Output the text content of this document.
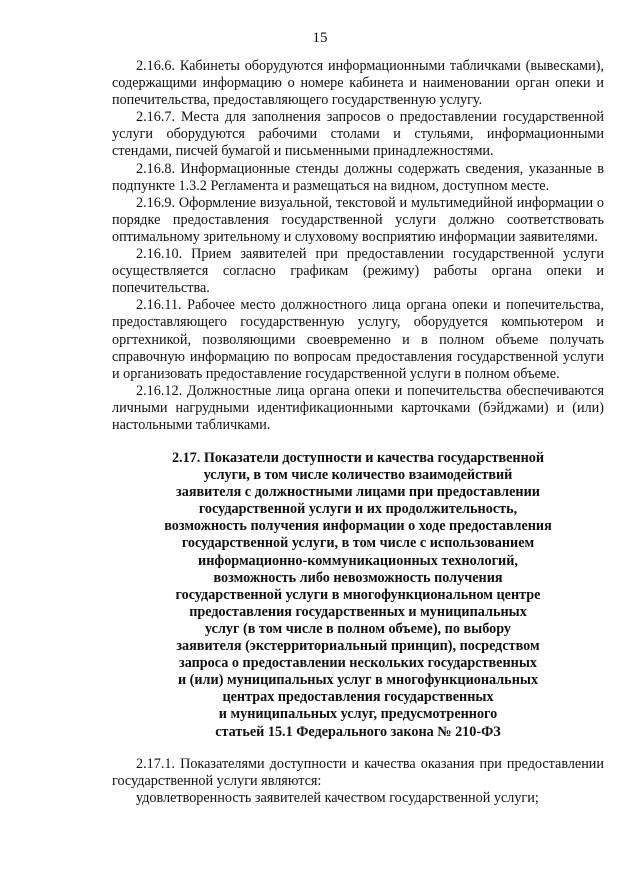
15

2.16.6. Кабинеты оборудуются информационными табличками (вывесками), содержащими информацию о номере кабинета и наименовании орган опеки и попечительства, предоставляющего государственную услугу.

2.16.7. Места для заполнения запросов о предоставлении государственной услуги оборудуются рабочими столами и стульями, информационными стендами, писчей бумагой и письменными принадлежностями.

2.16.8. Информационные стенды должны содержать сведения, указанные в подпункте 1.3.2 Регламента и размещаться на видном, доступном месте.

2.16.9. Оформление визуальной, текстовой и мультимедийной информации о порядке предоставления государственной услуги должно соответствовать оптимальному зрительному и слуховому восприятию информации заявителями.

2.16.10. Прием заявителей при предоставлении государственной услуги осуществляется согласно графикам (режиму) работы органа опеки и попечительства.

2.16.11. Рабочее место должностного лица органа опеки и попечительства, предоставляющего государственную услугу, оборудуется компьютером и оргтехникой, позволяющими своевременно и в полном объеме получать справочную информацию по вопросам предоставления государственной услуги и организовать предоставление государственной услуги в полном объеме.

2.16.12. Должностные лица органа опеки и попечительства обеспечиваются личными нагрудными идентификационными карточками (бэйджами) и (или) настольными табличками.

2.17. Показатели доступности и качества государственной

услуги, в том числе количество взаимодействий

заявителя с должностными лицами при предоставлении

государственной услуги и их продолжительность,

возможность получения информации о ходе предоставления

государственной услуги, в том числе с использованием

информационно-коммуникационных технологий,

возможность либо невозможность получения

государственной услуги в многофункциональном центре

предоставления государственных и муниципальных

услуг (в том числе в полном объеме), по выбору

заявителя (экстерриториальный принцип), посредством

запроса о предоставлении нескольких государственных

и (или) муниципальных услуг в многофункциональных

центрах предоставления государственных

и муниципальных услуг, предусмотренного

статьей 15.1 Федерального закона № 210-ФЗ

2.17.1. Показателями доступности и качества оказания при предоставлении государственной услуги являются:

удовлетворенность заявителей качеством государственной услуги;
